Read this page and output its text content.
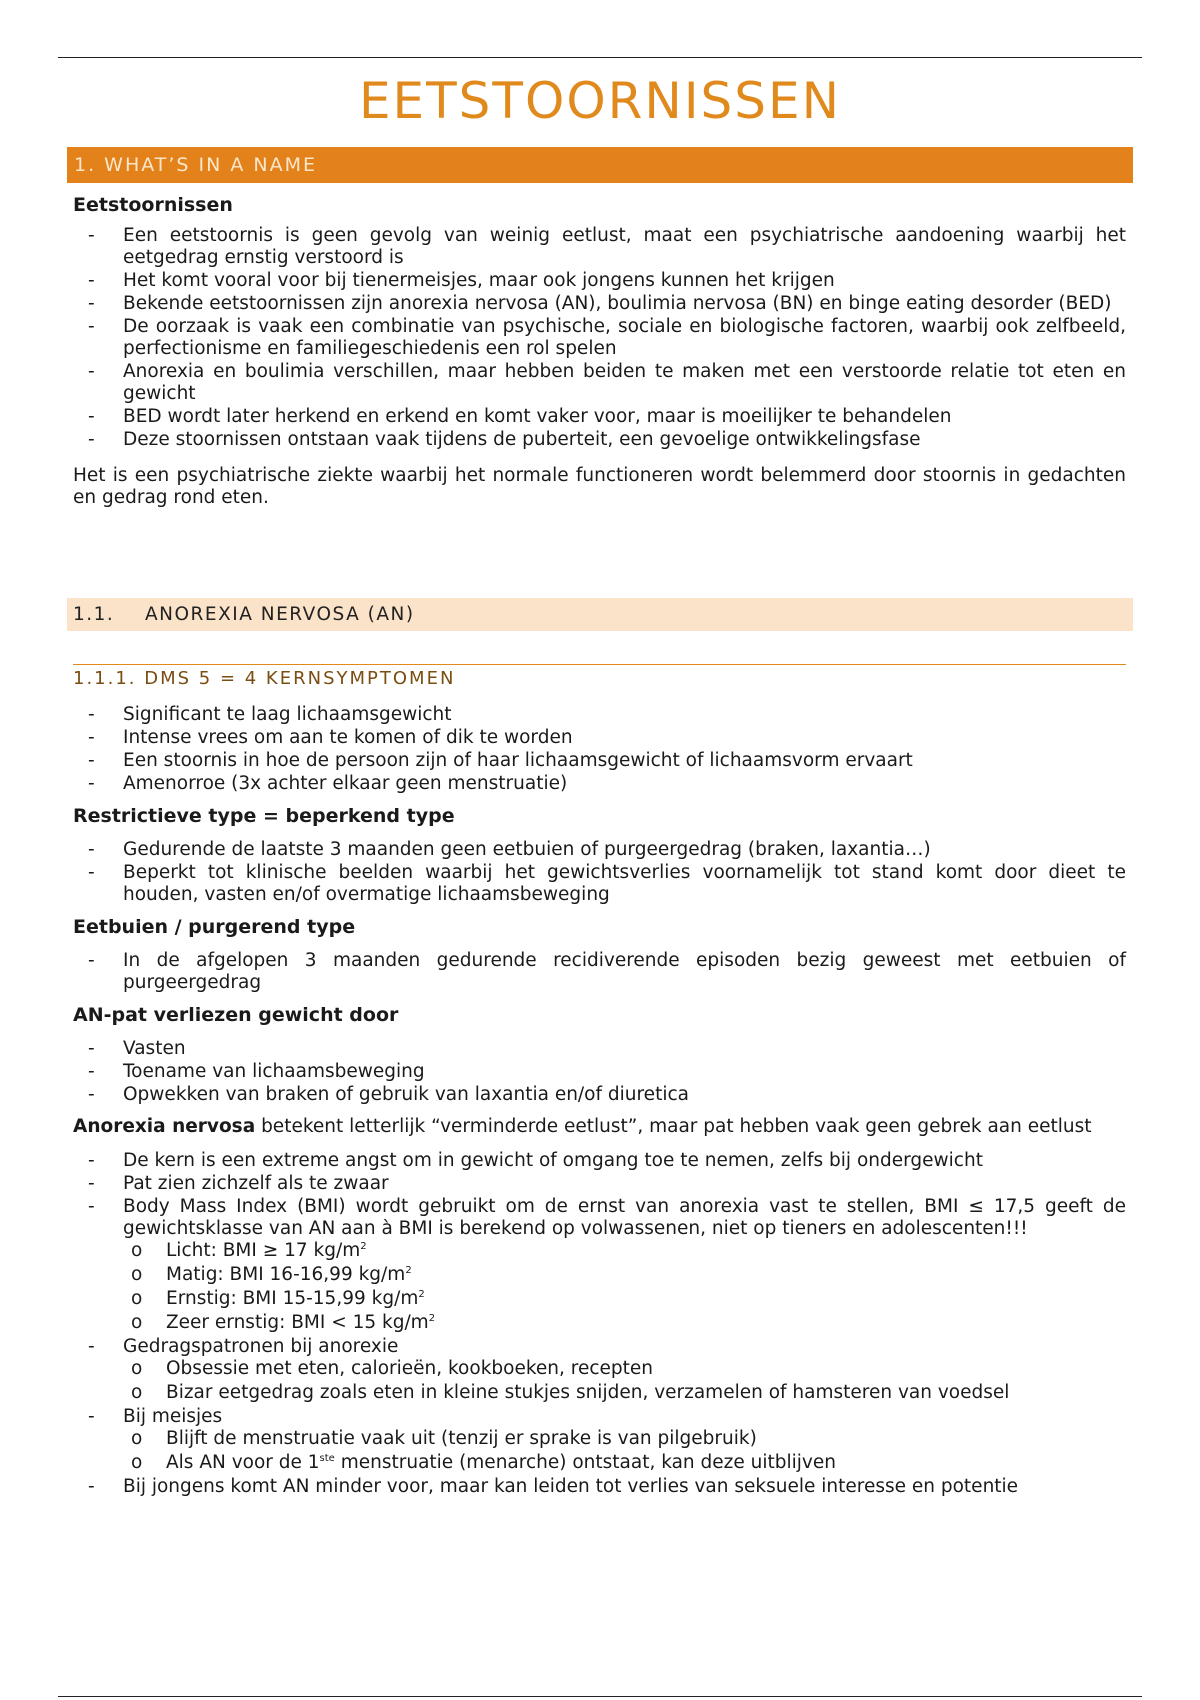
EETSTOORNISSEN
1. WHAT’S IN A NAME

Eetstoornissen

- Een eetstoornis is geen gevolg van weinig eetlust, maat een psychiatrische aandoening waarbij het eetgedrag ernstig verstoord is
- Het komt vooral voor bij tienermeisjes, maar ook jongens kunnen het krijgen
- Bekende eetstoornissen zijn anorexia nervosa (AN), boulimia nervosa (BN) en binge eating desorder (BED)
- De oorzaak is vaak een combinatie van psychische, sociale en biologische factoren, waarbij ook zelfbeeld, perfectionisme en familiegeschiedenis een rol spelen
- Anorexia en boulimia verschillen, maar hebben beiden te maken met een verstoorde relatie tot eten en gewicht
- BED wordt later herkend en erkend en komt vaker voor, maar is moeilijker te behandelen
- Deze stoornissen ontstaan vaak tijdens de puberteit, een gevoelige ontwikkelingsfase

Het is een psychiatrische ziekte waarbij het normale functioneren wordt belemmerd door stoornis in gedachten en gedrag rond eten.

1.1. ANOREXIA NERVOSA (AN)
1.1.1. DMS 5 = 4 KERNSYMPTOMEN
- Significant te laag lichaamsgewicht
- Intense vrees om aan te komen of dik te worden
- Een stoornis in hoe de persoon zijn of haar lichaamsgewicht of lichaamsvorm ervaart
- Amenorroe (3x achter elkaar geen menstruatie)

Restrictieve type = beperkend type

- Gedurende de laatste 3 maanden geen eetbuien of purgeergedrag (braken, laxantia…)
- Beperkt tot klinische beelden waarbij het gewichtsverlies voornamelijk tot stand komt door dieet te houden, vasten en/of overmatige lichaamsbeweging

Eetbuien / purgerend type

- In de afgelopen 3 maanden gedurende recidiverende episoden bezig geweest met eetbuien of purgeergedrag

AN-pat verliezen gewicht door

- Vasten
- Toename van lichaamsbeweging
- Opwekken van braken of gebruik van laxantia en/of diuretica

Anorexia nervosa betekent letterlijk “verminderde eetlust”, maar pat hebben vaak geen gebrek aan eetlust

- De kern is een extreme angst om in gewicht of omgang toe te nemen, zelfs bij ondergewicht
- Pat zien zichzelf als te zwaar
- Body Mass Index (BMI) wordt gebruikt om de ernst van anorexia vast te stellen, BMI ≤ 17,5 geeft de gewichtsklasse van AN aan à BMI is berekend op volwassenen, niet op tieners en adolescenten!!!
o Licht: BMI ≥ 17 $kg/m^2$
o Matig: BMI 16-16,99 $kg/m^2$
o Ernstig: BMI 15-15,99 $kg/m^2$
o Zeer ernstig: BMI < 15 $kg/m^2$
- Gedragspatronen bij anorexie
o Obsessie met eten, calorieën, kookboeken, recepten
o Bizar eetgedrag zoals eten in kleine stukjes snijden, verzamelen of hamsteren van voedsel
- Bij meisjes
o Blijft de menstruatie vaak uit (tenzij er sprake is van pilgebruik)
o Als AN voor de 1ste menstruatie (menarche) ontstaat, kan deze uitblijven
- Bij jongens komt AN minder voor, maar kan leiden tot verlies van seksuele interesse en potentie
